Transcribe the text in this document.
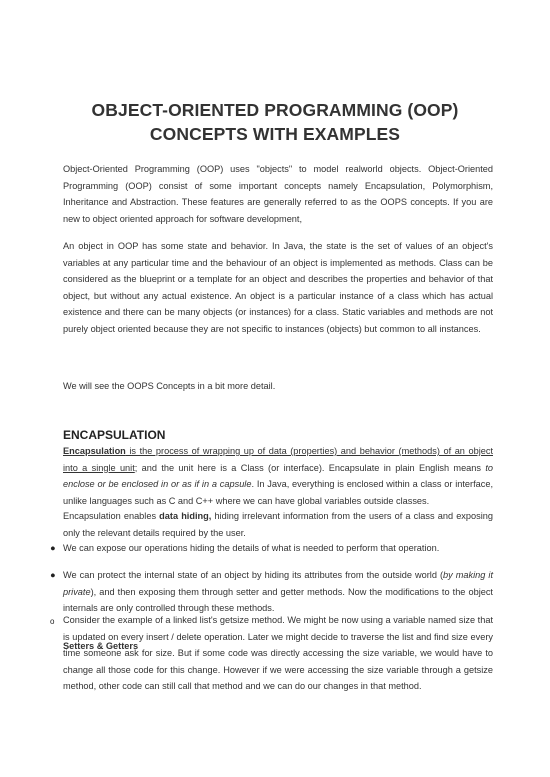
OBJECT-ORIENTED PROGRAMMING (OOP)
CONCEPTS WITH EXAMPLES

Object-Oriented Programming (OOP) uses "objects" to model realworld objects. Object-Oriented Programming (OOP) consist of some important concepts namely Encapsulation, Polymorphism, Inheritance and Abstraction. These features are generally referred to as the OOPS concepts. If you are new to object oriented approach for software development,

An object in OOP has some state and behavior. In Java, the state is the set of values of an object's variables at any particular time and the behaviour of an object is implemented as methods. Class can be considered as the blueprint or a template for an object and describes the properties and behavior of that object, but without any actual existence. An object is a particular instance of a class which has actual existence and there can be many objects (or instances) for a class. Static variables and methods are not purely object oriented because they are not specific to instances (objects) but common to all instances.

We will see the OOPS Concepts in a bit more detail.

ENCAPSULATION

Encapsulation is the process of wrapping up of data (properties) and behavior (methods) of an object into a single unit; and the unit here is a Class (or interface). Encapsulate in plain English means to enclose or be enclosed in or as if in a capsule. In Java, everything is enclosed within a class or interface, unlike languages such as C and C++ where we can have global variables outside classes.

Encapsulation enables data hiding, hiding irrelevant information from the users of a class and exposing only the relevant details required by the user.

● We can expose our operations hiding the details of what is needed to perform that operation.

● We can protect the internal state of an object by hiding its attributes from the outside world (by making it private), and then exposing them through setter and getter methods. Now the modifications to the object internals are only controlled through these methods.

o Consider the example of a linked list's getsize method. We might be now using a variable named size that is updated on every insert / delete operation. Later we might decide to traverse the list and find size every time someone ask for size. But if some code was directly accessing the size variable, we would have to change all those code for this change. However if we were accessing the size variable through a getsize method, other code can still call that method and we can do our changes in that method.

Setters & Getters
